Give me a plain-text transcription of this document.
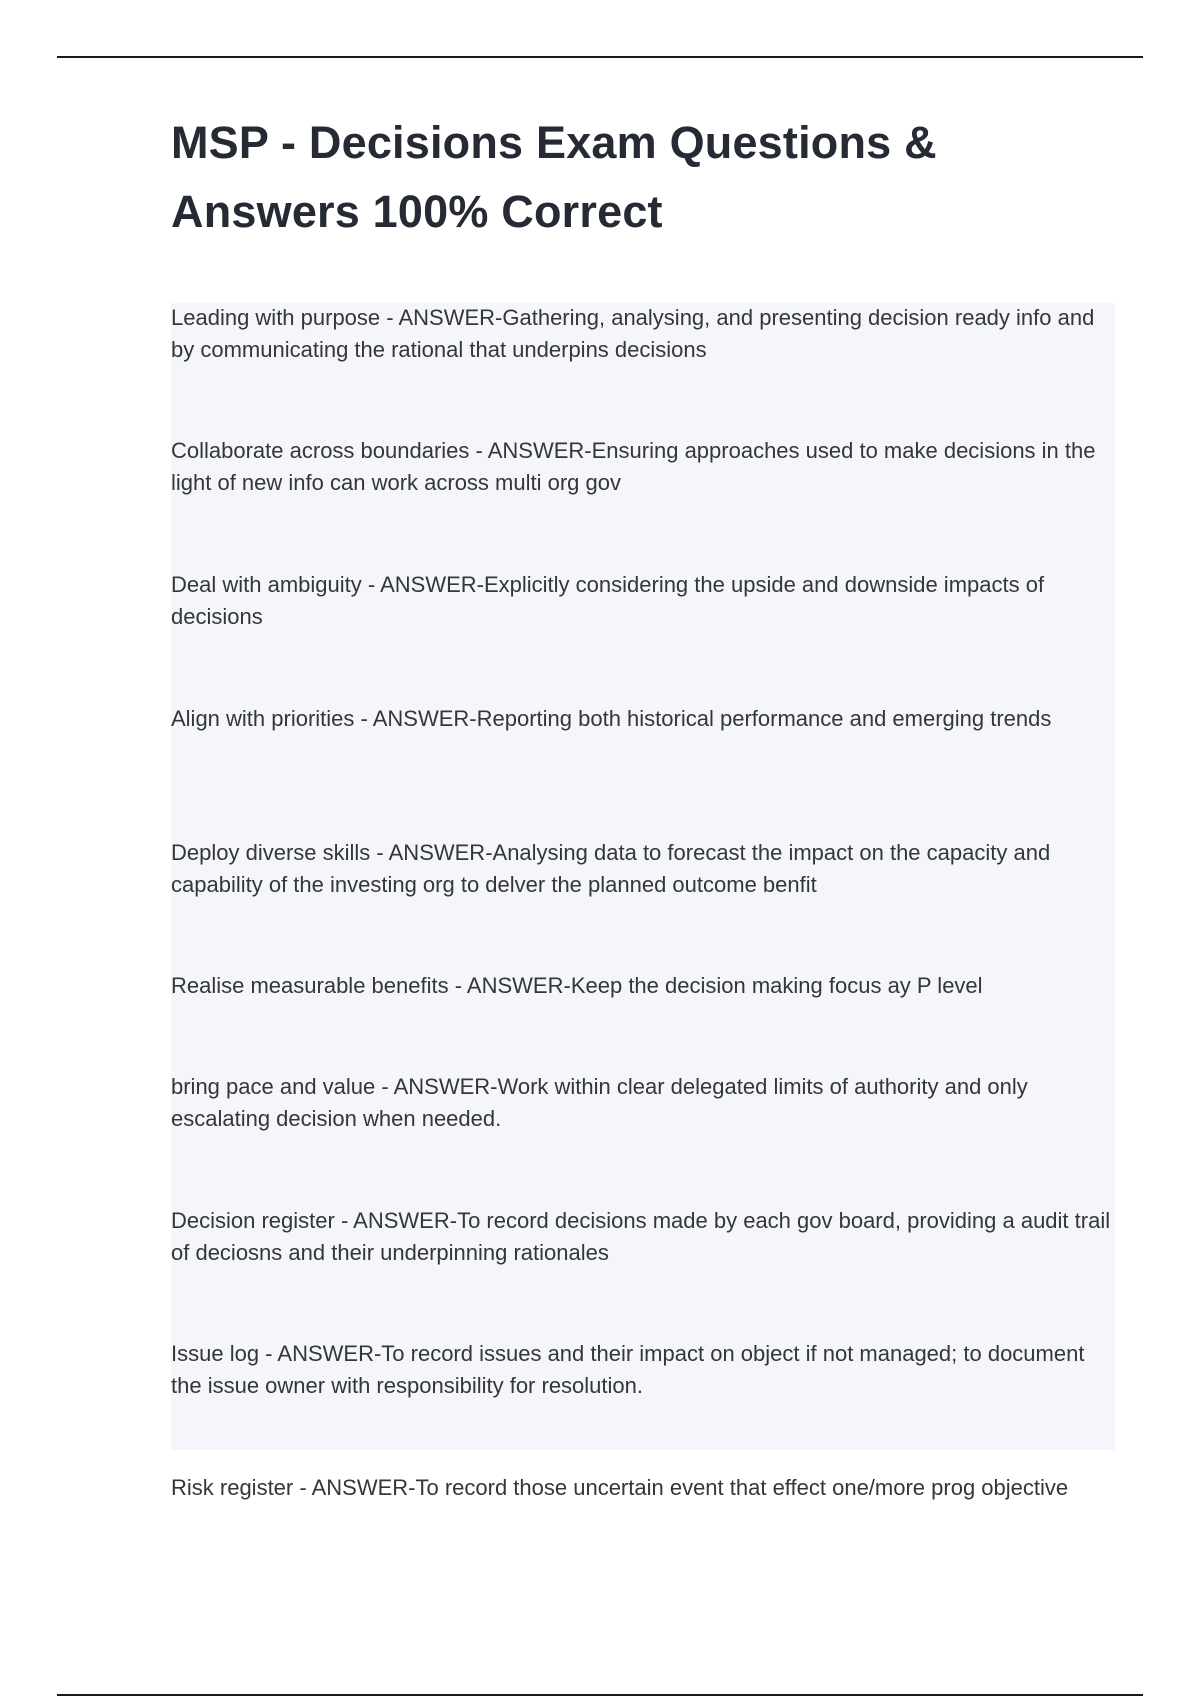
MSP - Decisions Exam Questions & Answers 100% Correct

Leading with purpose - ANSWER-Gathering, analysing, and presenting decision ready info and by communicating the rational that underpins decisions

Collaborate across boundaries - ANSWER-Ensuring approaches used to make decisions in the light of new info can work across multi org gov

Deal with ambiguity - ANSWER-Explicitly considering the upside and downside impacts of decisions

Align with priorities - ANSWER-Reporting both historical performance and emerging trends

Deploy diverse skills - ANSWER-Analysing data to forecast the impact on the capacity and capability of the investing org to delver the planned outcome benfit

Realise measurable benefits - ANSWER-Keep the decision making focus ay P level

bring pace and value - ANSWER-Work within clear delegated limits of authority and only escalating decision when needed.

Decision register - ANSWER-To record decisions made by each gov board, providing a audit trail of deciosns and their underpinning rationales

Issue log - ANSWER-To record issues and their impact on object if not managed; to document the issue owner with responsibility for resolution.

Risk register - ANSWER-To record those uncertain event that effect one/more prog objective
